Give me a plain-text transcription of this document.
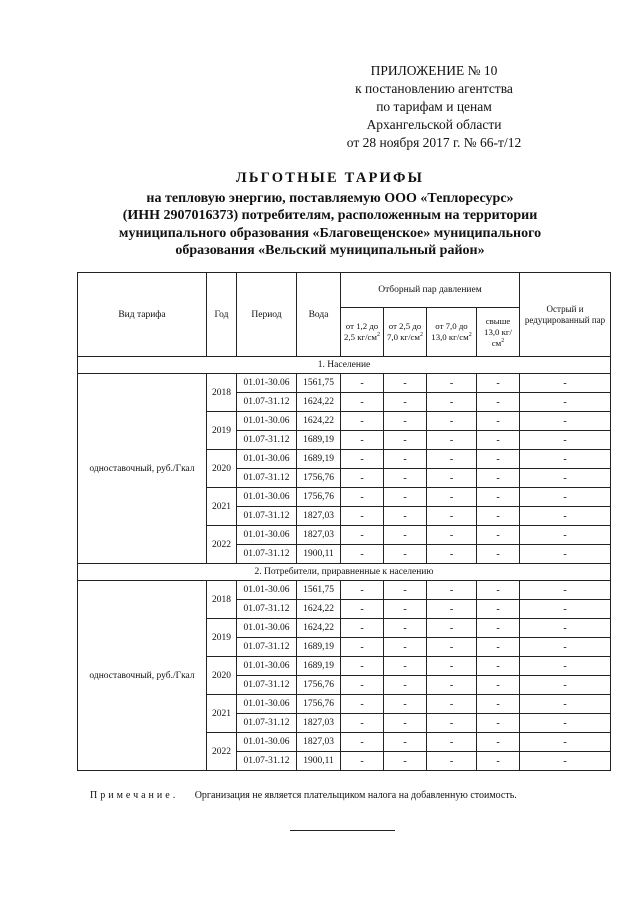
ПРИЛОЖЕНИЕ № 10
к постановлению агентства
по тарифам и ценам
Архангельской области
от 28 ноября 2017 г. № 66-т/12
ЛЬГОТНЫЕ ТАРИФЫ
на тепловую энергию, поставляемую ООО «Теплоресурс»
(ИНН 2907016373) потребителям, расположенным на территории
муниципального образования «Благовещенское» муниципального
образования «Вельский муниципальный район»
Вид тарифа	Год	Период	Вода	Отборный пар давлением				Острый и редуцированный пар
				от 1,2 до 2,5 $кг/см^2$	от 2,5 до 7,0 $кг/см^2$	от 7,0 до 13,0 $кг/см^2$	свыше 13,0 $кг/см^2$
1. Население								
одноставочный, руб./Гкал	2018	01.01-30.06	1561,75	-	-	-	-	-
		01.07-31.12	1624,22	-	-	-	-	-
	2019	01.01-30.06	1624,22	-	-	-	-	-
		01.07-31.12	1689,19	-	-	-	-	-
	2020	01.01-30.06	1689,19	-	-	-	-	-
		01.07-31.12	1756,76	-	-	-	-	-
	2021	01.01-30.06	1756,76	-	-	-	-	-
		01.07-31.12	1827,03	-	-	-	-	-
	2022	01.01-30.06	1827,03	-	-	-	-	-
		01.07-31.12	1900,11	-	-	-	-	-
2. Потребители, приравненные к населению								
одноставочный, руб./Гкал	2018	01.01-30.06	1561,75	-	-	-	-	-
		01.07-31.12	1624,22	-	-	-	-	-
	2019	01.01-30.06	1624,22	-	-	-	-	-
		01.07-31.12	1689,19	-	-	-	-	-
	2020	01.01-30.06	1689,19	-	-	-	-	-
		01.07-31.12	1756,76	-	-	-	-	-
	2021	01.01-30.06	1756,76	-	-	-	-	-
		01.07-31.12	1827,03	-	-	-	-	-
	2022	01.01-30.06	1827,03	-	-	-	-	-
		01.07-31.12	1900,11	-	-	-	-	-
Примечание. Организация не является плательщиком налога на добавленную стоимость.
